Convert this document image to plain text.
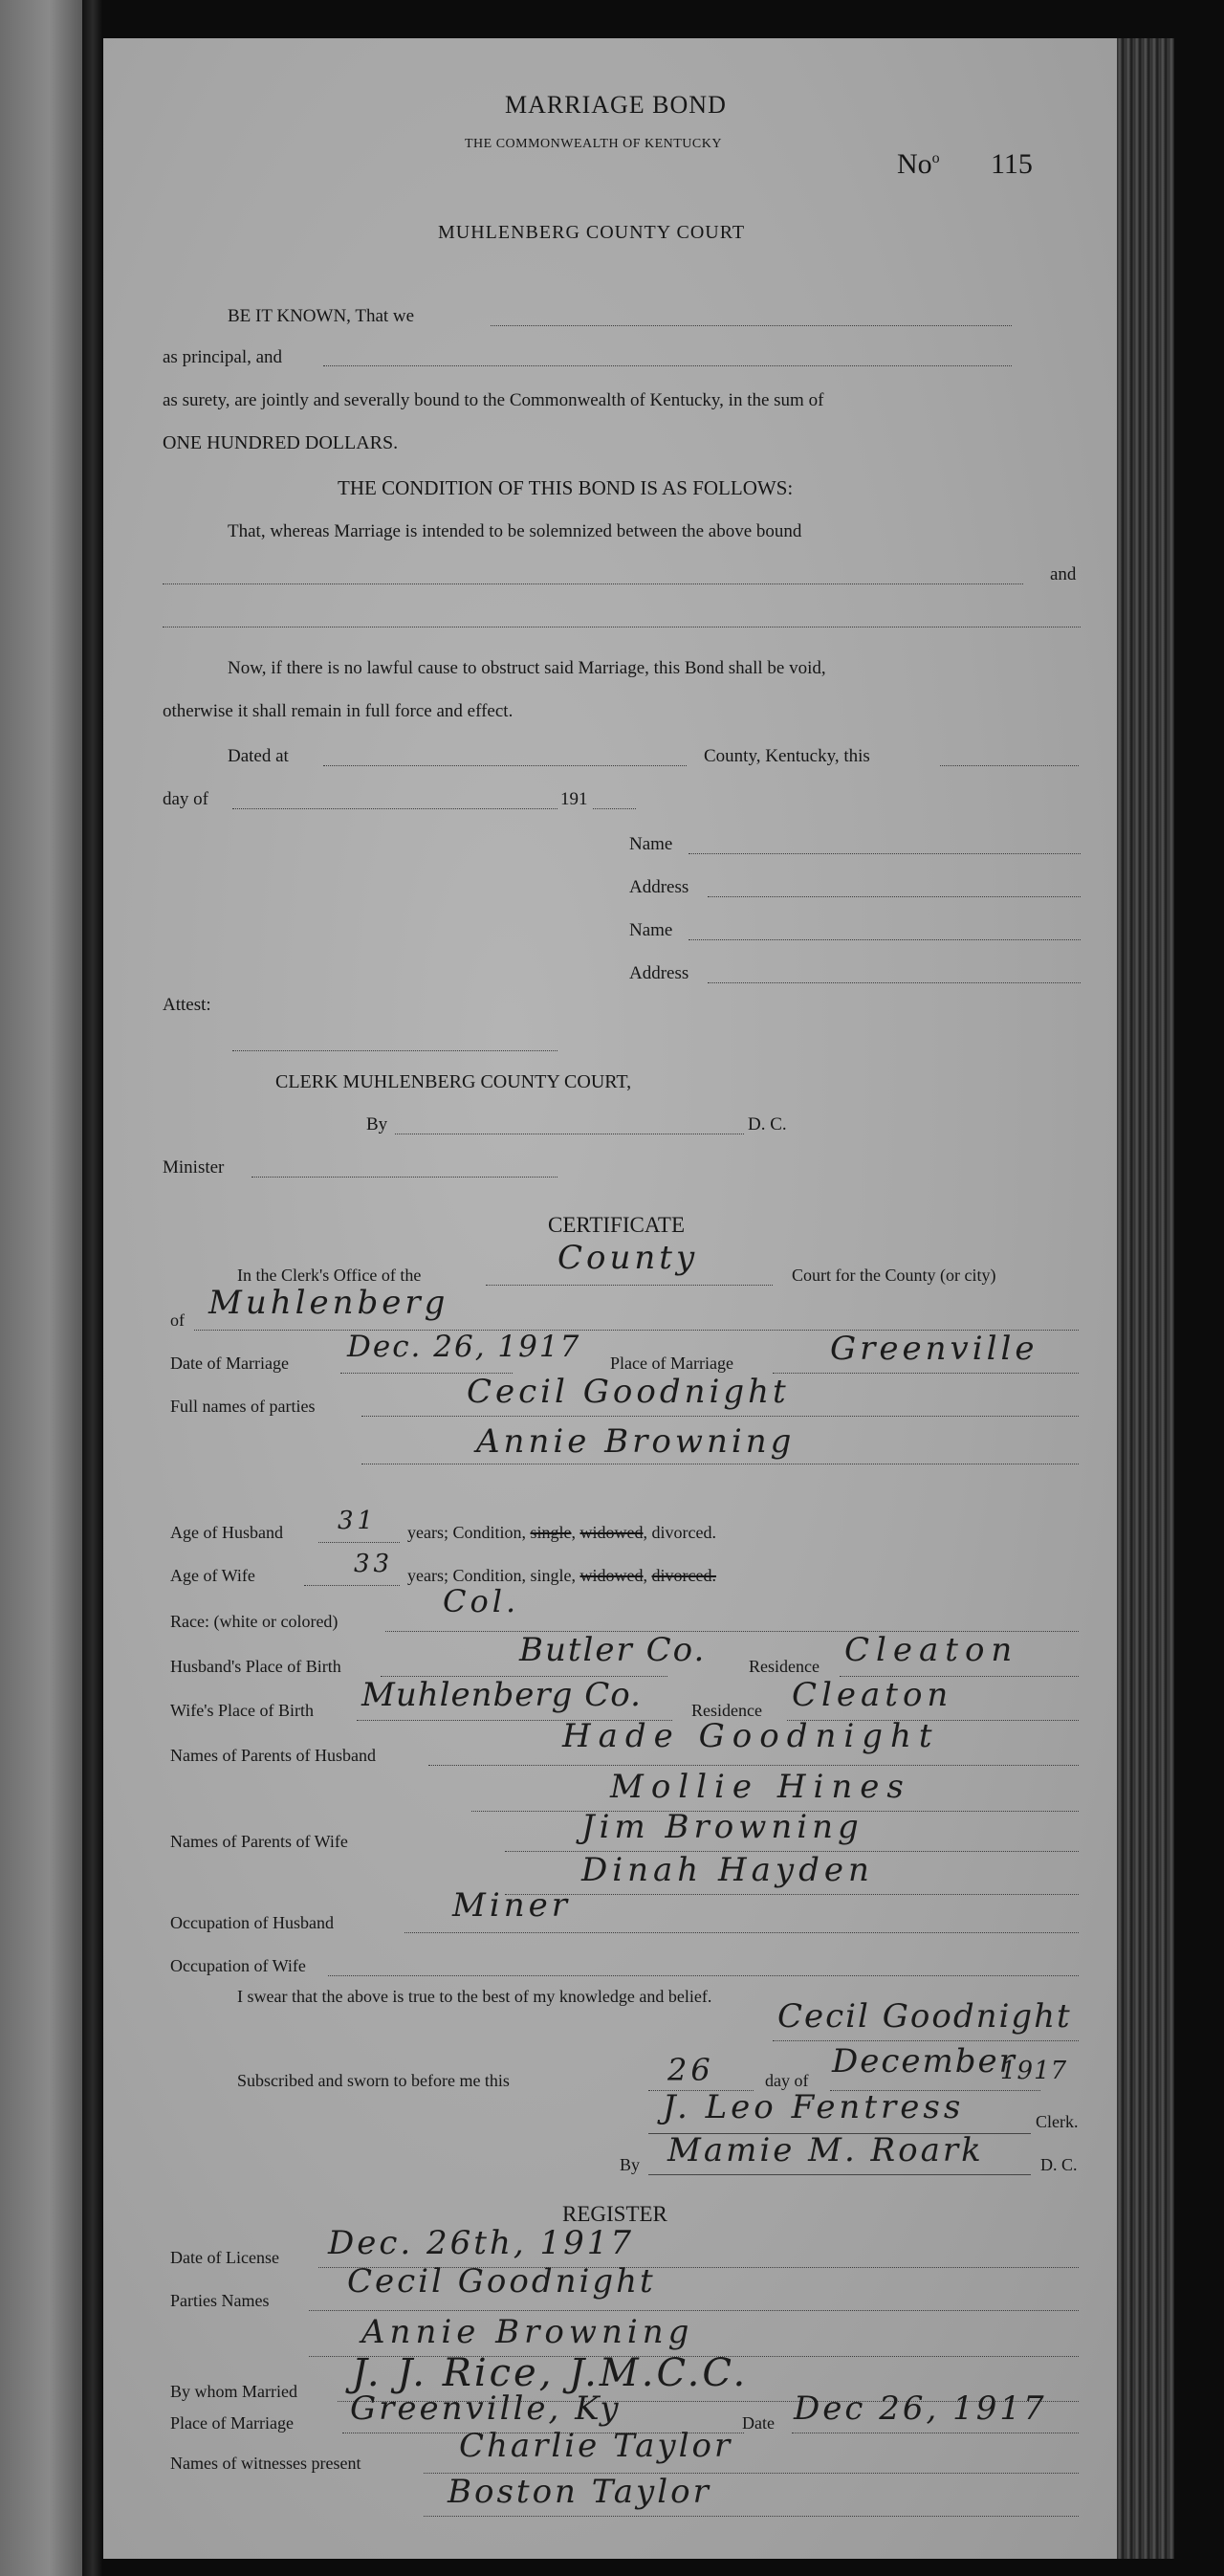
MARRIAGE BOND
THE COMMONWEALTH OF KENTUCKY
No$^o$ 115
MUHLENBERG COUNTY COURT
BE IT KNOWN, That we
as principal, and
as surety, are jointly and severally bound to the Commonwealth of Kentucky, in the sum of
ONE HUNDRED DOLLARS.
THE CONDITION OF THIS BOND IS AS FOLLOWS:
That, whereas Marriage is intended to be solemnized between the above bound
and
Now, if there is no lawful cause to obstruct said Marriage, this Bond shall be void,
otherwise it shall remain in full force and effect.
Dated at	County, Kentucky, this
day of	191
Name
Address
Name
Address
Attest:
CLERK MUHLENBERG COUNTY COURT,
By	D. C.
Minister
CERTIFICATE
In the Clerk's Office of the	County	Court for the County (or city)
of Muhlenberg
Date of Marriage Dec. 26, 1917 Place of Marriage	Greenville
Full names of parties	Cecil Goodnight
Annie Browning
Age of Husband 31 years; Condition, single, widowed, divorced.
Age of Wife	33 years; Condition, single, widowed, divorced.
Race: (white or colored)
Col.
Husband's Place of Birth	Butler Co. Residence Cleaton
Wife's Place of Birth Muhlenberg Co.	Residence Cleaton
Names of Parents of Husband	Hade Goodnight
Mollie Hines
Names of Parents of Wife	Jim Browning
Dinah Hayden
Occupation of Husband	Miner
Occupation of Wife
I swear that the above is true to the best of my knowledge and belief.
Cecil Goodnight
Subscribed and sworn to before me this	26	day of December
1917
J. Leo Fentress	Clerk.
By Mamie M. Roark	D. C.
REGISTER
Date of License Dec. 26th, 1917
Parties Names Cecil Goodnight
Annie Browning
By whom Married J. J. Rice, J.M.C.C.
Place of Marriage Greenville, Ky	Date Dec 26, 1917
Names of witnesses present	Charlie Taylor
Boston Taylor
